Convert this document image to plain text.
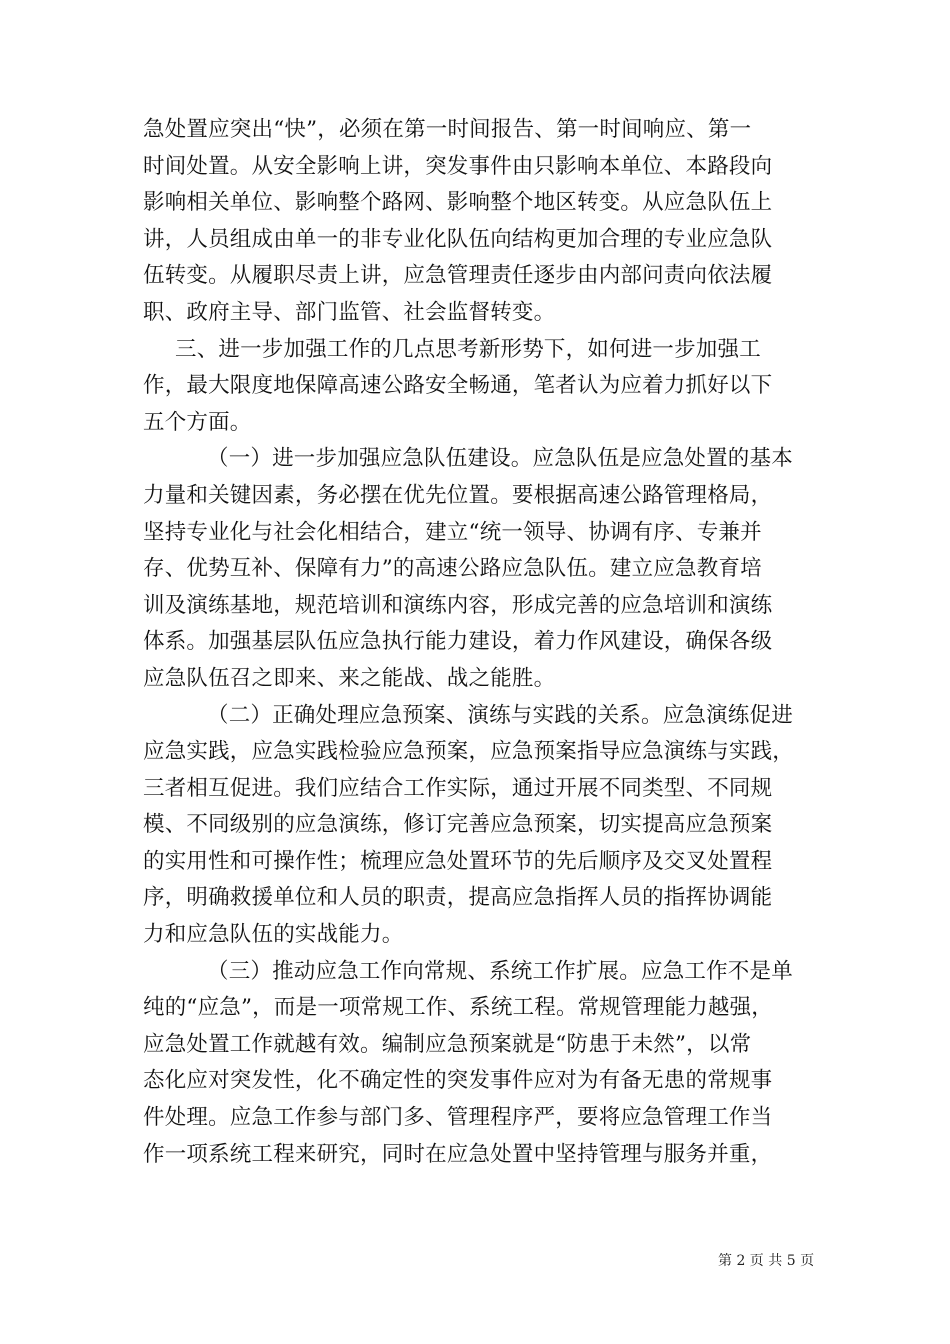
急处置应突出“快”，必须在第一时间报告、第一时间响应、第一
时间处置。从安全影响上讲，突发事件由只影响本单位、本路段向
影响相关单位、影响整个路网、影响整个地区转变。从应急队伍上
讲，人员组成由单一的非专业化队伍向结构更加合理的专业应急队
伍转变。从履职尽责上讲，应急管理责任逐步由内部问责向依法履
职、政府主导、部门监管、社会监督转变。
三、进一步加强工作的几点思考新形势下，如何进一步加强工
作，最大限度地保障高速公路安全畅通，笔者认为应着力抓好以下
五个方面。
（一）进一步加强应急队伍建设。应急队伍是应急处置的基本
力量和关键因素，务必摆在优先位置。要根据高速公路管理格局，
坚持专业化与社会化相结合，建立“统一领导、协调有序、专兼并
存、优势互补、保障有力”的高速公路应急队伍。建立应急教育培
训及演练基地，规范培训和演练内容，形成完善的应急培训和演练
体系。加强基层队伍应急执行能力建设，着力作风建设，确保各级
应急队伍召之即来、来之能战、战之能胜。
（二）正确处理应急预案、演练与实践的关系。应急演练促进
应急实践，应急实践检验应急预案，应急预案指导应急演练与实践，
三者相互促进。我们应结合工作实际，通过开展不同类型、不同规
模、不同级别的应急演练，修订完善应急预案，切实提高应急预案
的实用性和可操作性；梳理应急处置环节的先后顺序及交叉处置程
序，明确救援单位和人员的职责，提高应急指挥人员的指挥协调能
力和应急队伍的实战能力。
（三）推动应急工作向常规、系统工作扩展。应急工作不是单
纯的“应急”，而是一项常规工作、系统工程。常规管理能力越强，
应急处置工作就越有效。编制应急预案就是“防患于未然”，以常
态化应对突发性，化不确定性的突发事件应对为有备无患的常规事
件处理。应急工作参与部门多、管理程序严，要将应急管理工作当
作一项系统工程来研究，同时在应急处置中坚持管理与服务并重，
第 2 页 共 5 页
